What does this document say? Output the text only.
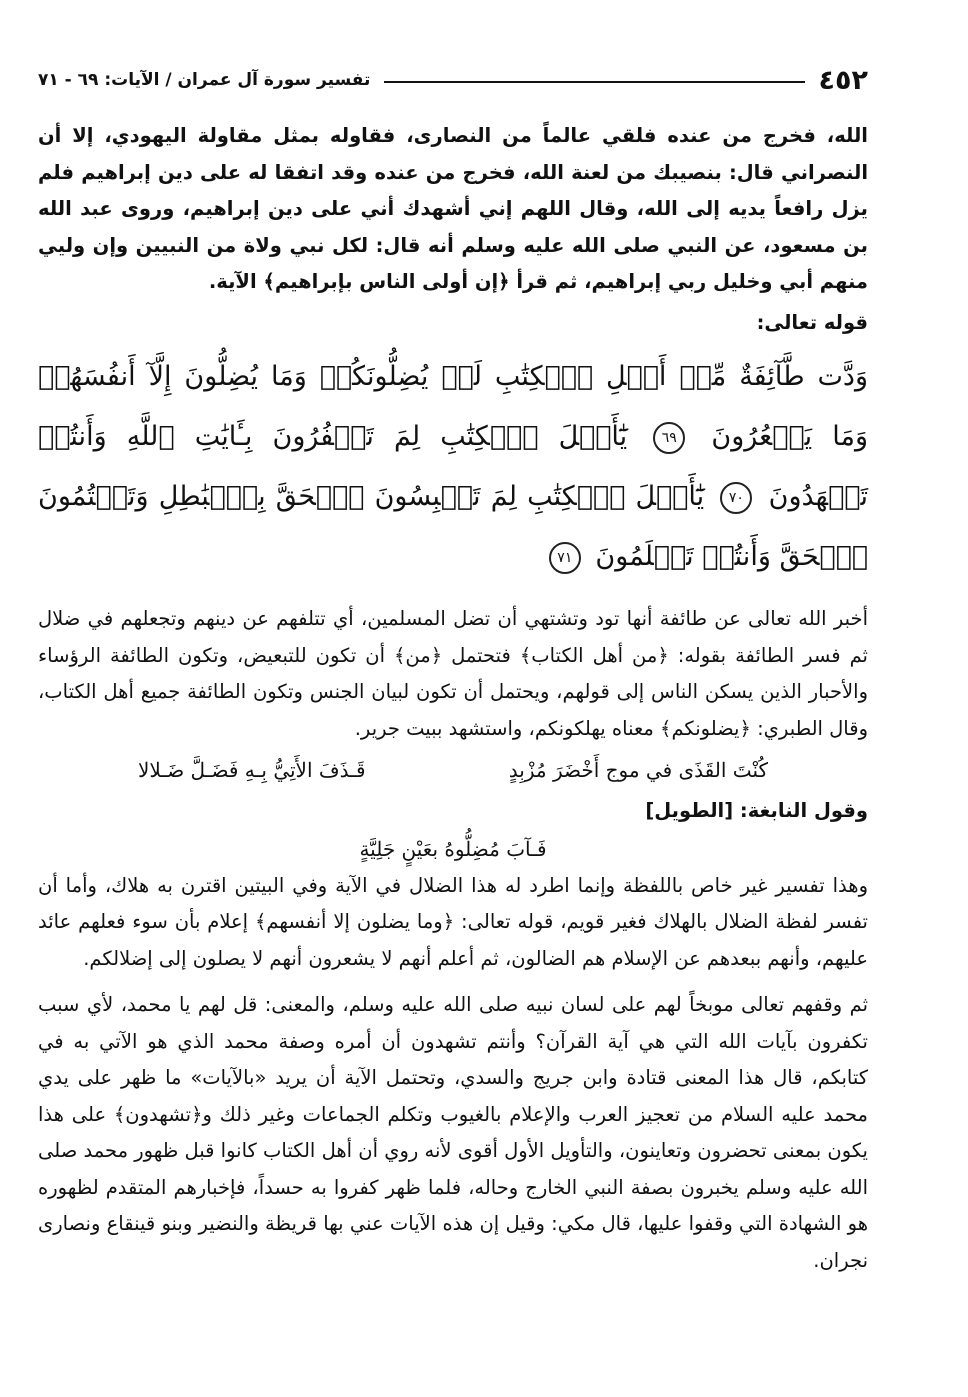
٤٥٢
تفسير سورة آل عمران / الآيات: ٦٩ - ٧١

الله، فخرج من عنده فلقي عالماً من النصارى، فقاوله بمثل مقاولة اليهودي، إلا أن النصراني قال: بنصيبك من لعنة الله، فخرج من عنده وقد اتفقا له على دين إبراهيم فلم يزل رافعاً يديه إلى الله، وقال اللهم إني أشهدك أني على دين إبراهيم، وروى عبد الله بن مسعود، عن النبي صلى الله عليه وسلم أنه قال: لكل نبي ولاة من النبيين وإن وليي منهم أبي وخليل ربي إبراهيم، ثم قرأ ﴿إن أولى الناس بإبراهيم﴾ الآية.

قوله تعالى:

وَدَّت طَّآئِفَةٌ مِّنۡ أَهۡلِ ٱلۡكِتَٰبِ لَوۡ يُضِلُّونَكُمۡ وَمَا يُضِلُّونَ إِلَّآ أَنفُسَهُمۡ وَمَا يَشۡعُرُونَ ٦٩ يَٰٓأَهۡلَ ٱلۡكِتَٰبِ لِمَ تَكۡفُرُونَ بِـَٔايَٰتِ ٱللَّهِ وَأَنتُمۡ تَشۡهَدُونَ ٧٠ يَٰٓأَهۡلَ ٱلۡكِتَٰبِ لِمَ تَلۡبِسُونَ ٱلۡحَقَّ بِٱلۡبَٰطِلِ وَتَكۡتُمُونَ ٱلۡحَقَّ وَأَنتُمۡ تَعۡلَمُونَ ٧١

أخبر الله تعالى عن طائفة أنها تود وتشتهي أن تضل المسلمين، أي تتلفهم عن دينهم وتجعلهم في ضلال ثم فسر الطائفة بقوله: ﴿من أهل الكتاب﴾ فتحتمل ﴿من﴾ أن تكون للتبعيض، وتكون الطائفة الرؤساء والأحبار الذين يسكن الناس إلى قولهم، ويحتمل أن تكون لبيان الجنس وتكون الطائفة جميع أهل الكتاب، وقال الطبري: ﴿يضلونكم﴾ معناه يهلكونكم، واستشهد ببيت جرير.

كُنْتَ القَذَى في موج أَخْضَرَ مُزْبِدٍ
قَـذَفَ الأَتِيُّ بِـهِ فَضَـلَّ ضَـلالا

وقول النابغة: [الطويل]

فَـآبَ مُضِلُّوهُ بعَيْنٍ جَلِيَّةٍ

وهذا تفسير غير خاص باللفظة وإنما اطرد له هذا الضلال في الآية وفي البيتين اقترن به هلاك، وأما أن تفسر لفظة الضلال بالهلاك فغير قويم، قوله تعالى: ﴿وما يضلون إلا أنفسهم﴾ إعلام بأن سوء فعلهم عائد عليهم، وأنهم ببعدهم عن الإسلام هم الضالون، ثم أعلم أنهم لا يشعرون أنهم لا يصلون إلى إضلالكم.

ثم وقفهم تعالى موبخاً لهم على لسان نبيه صلى الله عليه وسلم، والمعنى: قل لهم يا محمد، لأي سبب تكفرون بآيات الله التي هي آية القرآن؟ وأنتم تشهدون أن أمره وصفة محمد الذي هو الآتي به في كتابكم، قال هذا المعنى قتادة وابن جريج والسدي، وتحتمل الآية أن يريد «بالآيات» ما ظهر على يدي محمد عليه السلام من تعجيز العرب والإعلام بالغيوب وتكلم الجماعات وغير ذلك و﴿تشهدون﴾ على هذا يكون بمعنى تحضرون وتعاينون، والتأويل الأول أقوى لأنه روي أن أهل الكتاب كانوا قبل ظهور محمد صلى الله عليه وسلم يخبرون بصفة النبي الخارج وحاله، فلما ظهر كفروا به حسداً، فإخبارهم المتقدم لظهوره هو الشهادة التي وقفوا عليها، قال مكي: وقيل إن هذه الآيات عني بها قريظة والنضير وبنو قينقاع ونصارى نجران.
